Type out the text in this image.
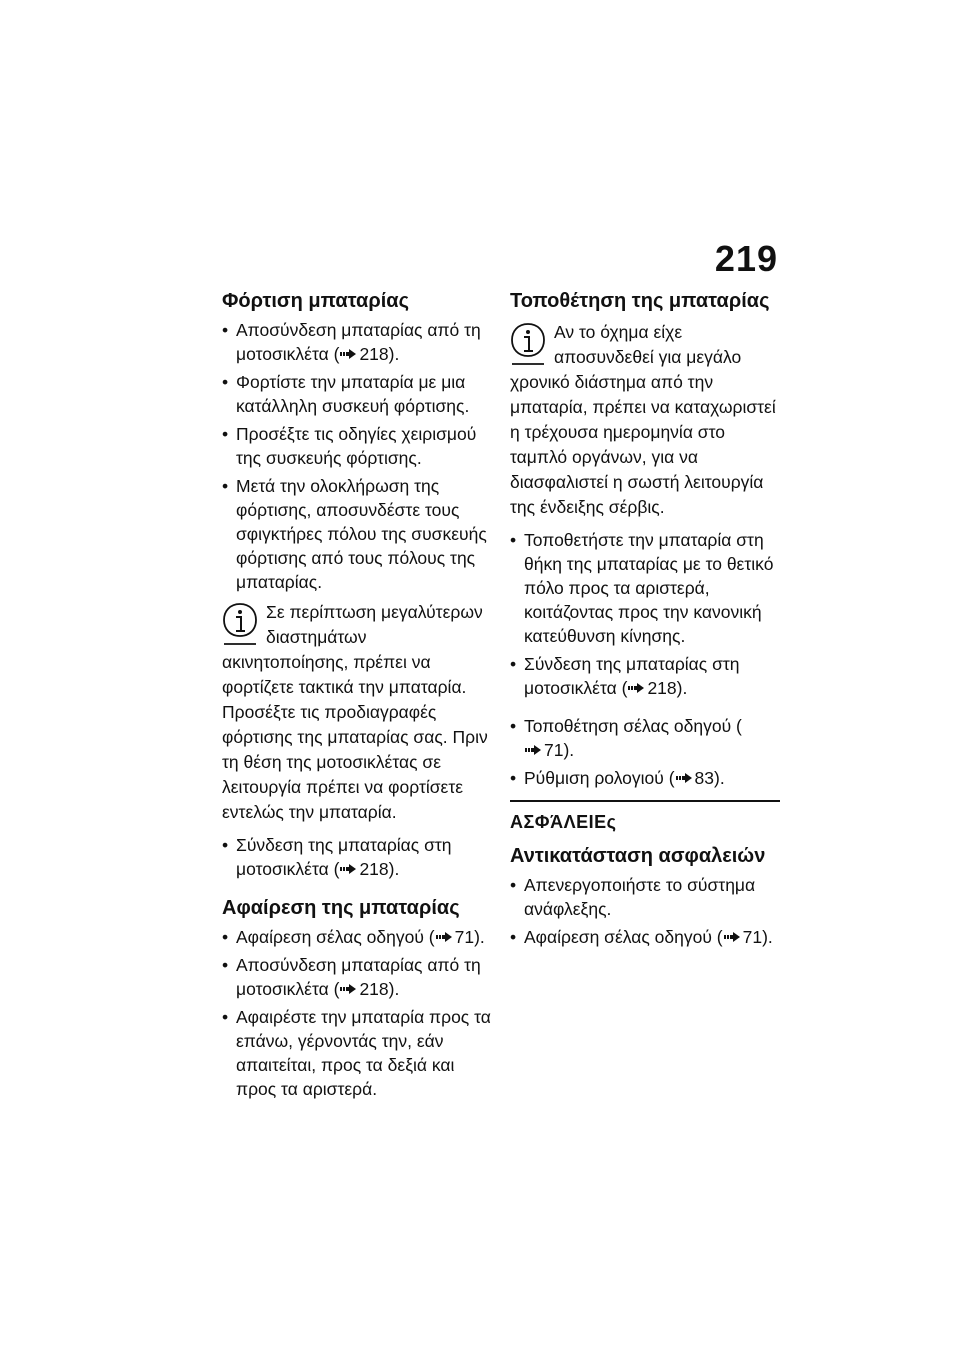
219
Φόρτιση μπαταρίας
• Αποσύνδεση μπαταρίας από τη μοτοσικλέτα ( 218 ).
• Φορτίστε την μπαταρία με μια κατάλληλη συσκευή φόρτισης.
• Προσέξτε τις οδηγίες χειρισμού της συσκευής φόρτισης.
• Μετά την ολοκλήρωση της φόρτισης, αποσυνδέστε τους σφιγκτήρες πόλου της συσκευής φόρτισης από τους πόλους της μπαταρίας.
Σε περίπτωση μεγαλύτερων διαστημάτων ακινητοποίησης, πρέπει να φορτίζετε τακτικά την μπαταρία. Προσέξτε τις προδιαγραφές φόρτισης της μπαταρίας σας. Πριν τη θέση της μοτοσικλέτας σε λειτουργία πρέπει να φορτίσετε εντελώς την μπαταρία.
• Σύνδεση της μπαταρίας στη μοτοσικλέτα ( 218 ).
Αφαίρεση της μπαταρίας
• Αφαίρεση σέλας οδηγού ( 71 ).
• Αποσύνδεση μπαταρίας από τη μοτοσικλέτα ( 218 ).
• Αφαιρέστε την μπαταρία προς τα επάνω, γέρνοντάς την, εάν απαιτείται, προς τα δεξιά και προς τα αριστερά.
Τοποθέτηση της μπαταρίας
Αν το όχημα είχε αποσυνδεθεί για μεγάλο χρονικό διάστημα από την μπαταρία, πρέπει να καταχωριστεί η τρέχουσα ημερομηνία στο ταμπλό οργάνων, για να διασφαλιστεί η σωστή λειτουργία της ένδειξης σέρβις.
• Τοποθετήστε την μπαταρία στη θήκη της μπαταρίας με το θετικό πόλο προς τα αριστερά, κοιτάζοντας προς την κανονική κατεύθυνση κίνησης.
• Σύνδεση της μπαταρίας στη μοτοσικλέτα ( 218 ).
• Τοποθέτηση σέλας οδηγού (
71 ).
• Ρύθμιση ρολογιού ( 83 ).
ΑΣΦΆΛΕΙΕς
Αντικατάσταση ασφαλειών
• Απενεργοποιήστε το σύστημα ανάφλεξης.
• Αφαίρεση σέλας οδηγού ( 71 ).
